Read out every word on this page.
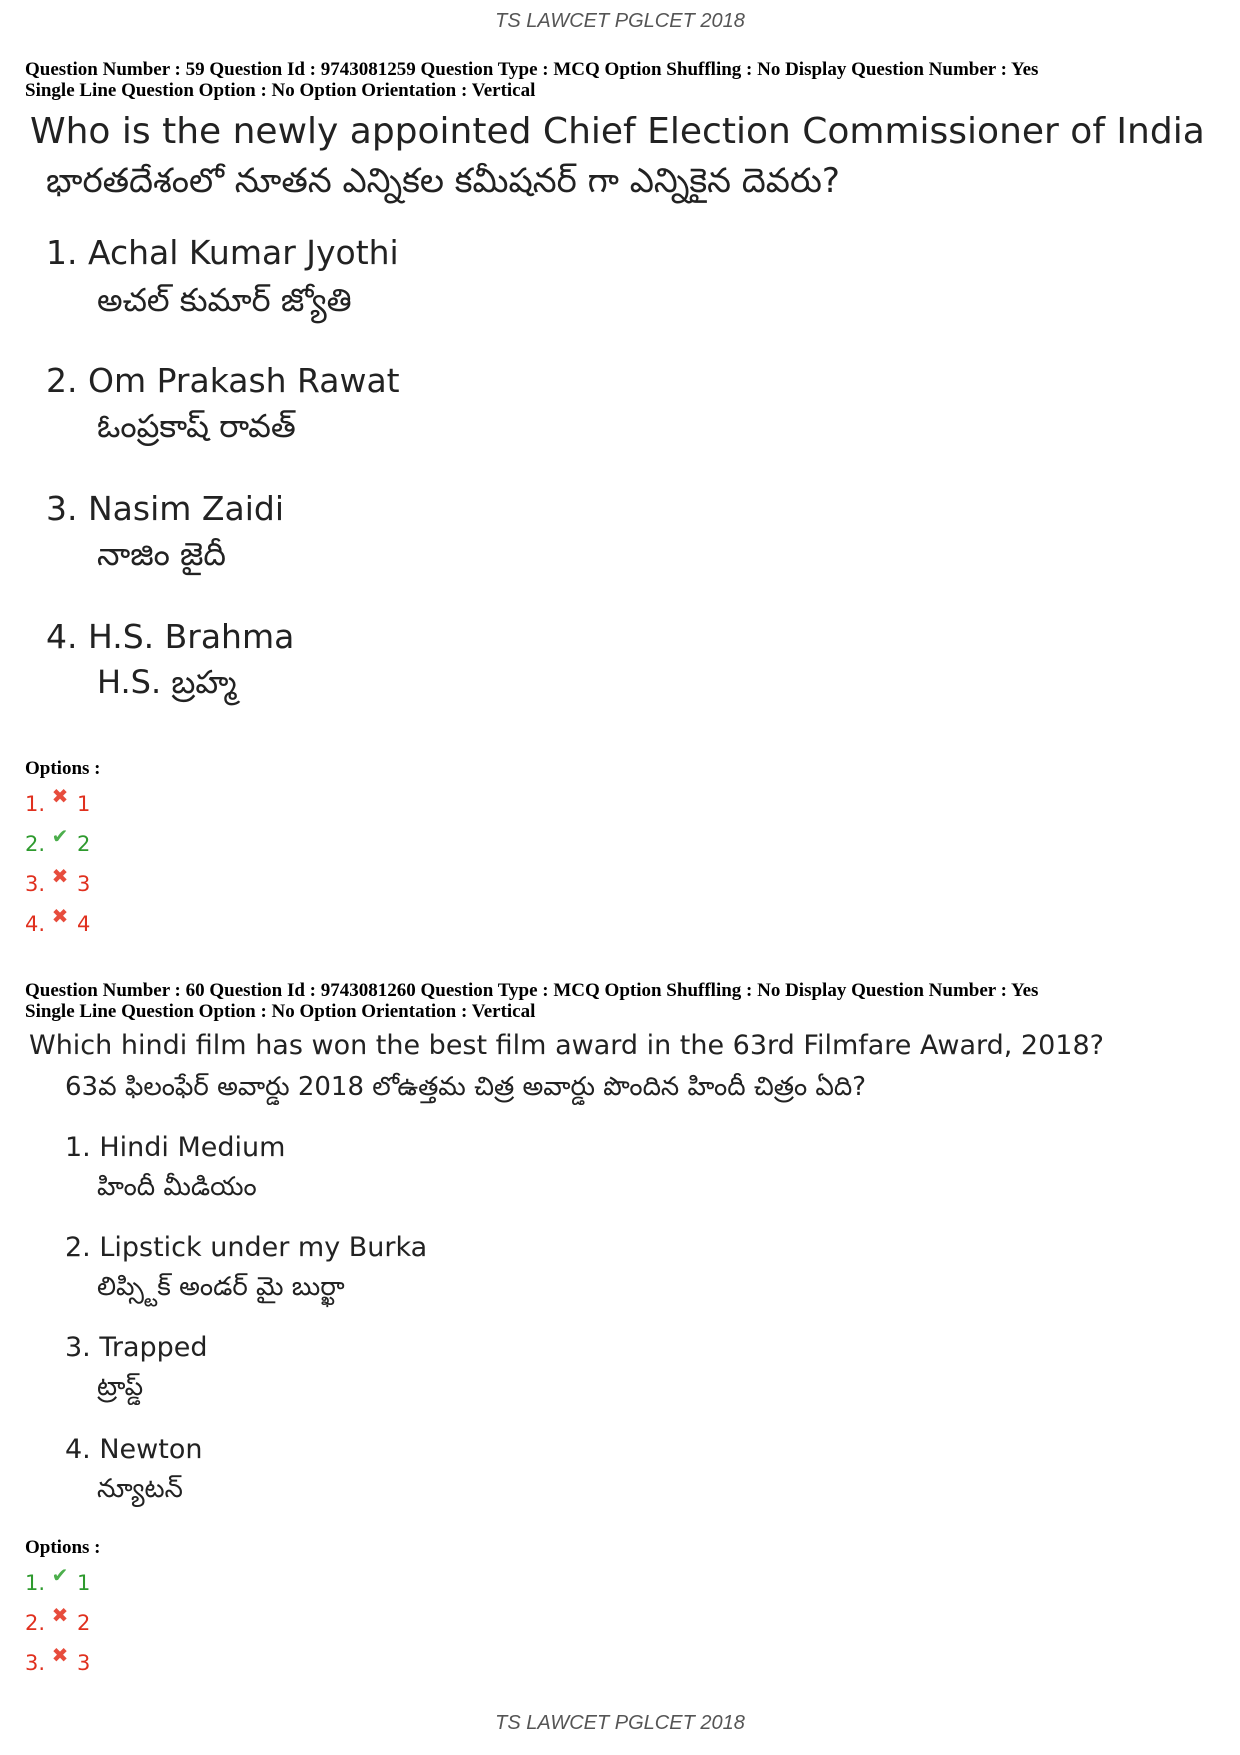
TS LAWCET PGLCET 2018

Question Number : 59 Question Id : 9743081259 Question Type : MCQ Option Shuffling : No Display Question Number : Yes

Single Line Question Option : No Option Orientation : Vertical

Who is the newly appointed Chief Election Commissioner of India
భారతదేశంలో నూతన ఎన్నికల కమీషనర్ గా ఎన్నికైన దెవరు?
1. Achal Kumar Jyothi
అచల్ కుమార్ జ్యోతి
2. Om Prakash Rawat
ఓంప్రకాష్ రావత్
3. Nasim Zaidi
నాజిం జైదీ
4. H.S. Brahma
H.S. బ్రహ్మ

Options :

1. ✖ 1
2. ✔ 2
3. ✖ 3
4. ✖ 4

Question Number : 60 Question Id : 9743081260 Question Type : MCQ Option Shuffling : No Display Question Number : Yes

Single Line Question Option : No Option Orientation : Vertical

Which hindi film has won the best film award in the 63rd Filmfare Award, 2018?
63వ ఫిలంఫేర్ అవార్డు 2018 లోఉత్తమ చిత్ర అవార్డు పొందిన హిందీ చిత్రం ఏది?
1. Hindi Medium
హిందీ మీడియం
2. Lipstick under my Burka
లిప్స్టిక్ అండర్ మై బుర్ఖా
3. Trapped
ట్రాప్డ్
4. Newton
న్యూటన్

Options :

1. ✔ 1
2. ✖ 2
3. ✖ 3
TS LAWCET PGLCET 2018
